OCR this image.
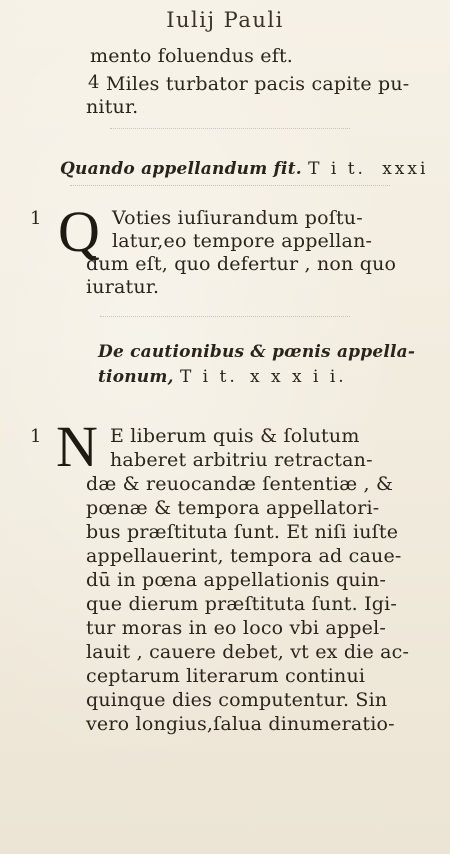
Iulij Pauli
mento foluendus eft.
4 Miles turbator pacis capite pu-
nitur.
Quando appellandum fit. T i t. xxxi
1 Q Voties iuſiurandum poſtu-
latur,eo tempore appellan-
dum eſt, quo defertur , non quo
iuratur.
De cautionibus & pœnis appella-
tionum, T i t. x x x i i.
1 N E liberum quis & ſolutum
haberet arbitriu retractan-
dæ & reuocandæ ſententiæ , &
pœnæ & tempora appellatori-
bus præſtituta ſunt. Et niſi iuſte
appellauerint, tempora ad caue-
dū in pœna appellationis quin-
que dierum præſtituta ſunt. Igi-
tur moras in eo loco vbi appel-
lauit , cauere debet, vt ex die ac-
ceptarum literarum continui
quinque dies computentur. Sin
vero longius,ſalua dinumeratio-
